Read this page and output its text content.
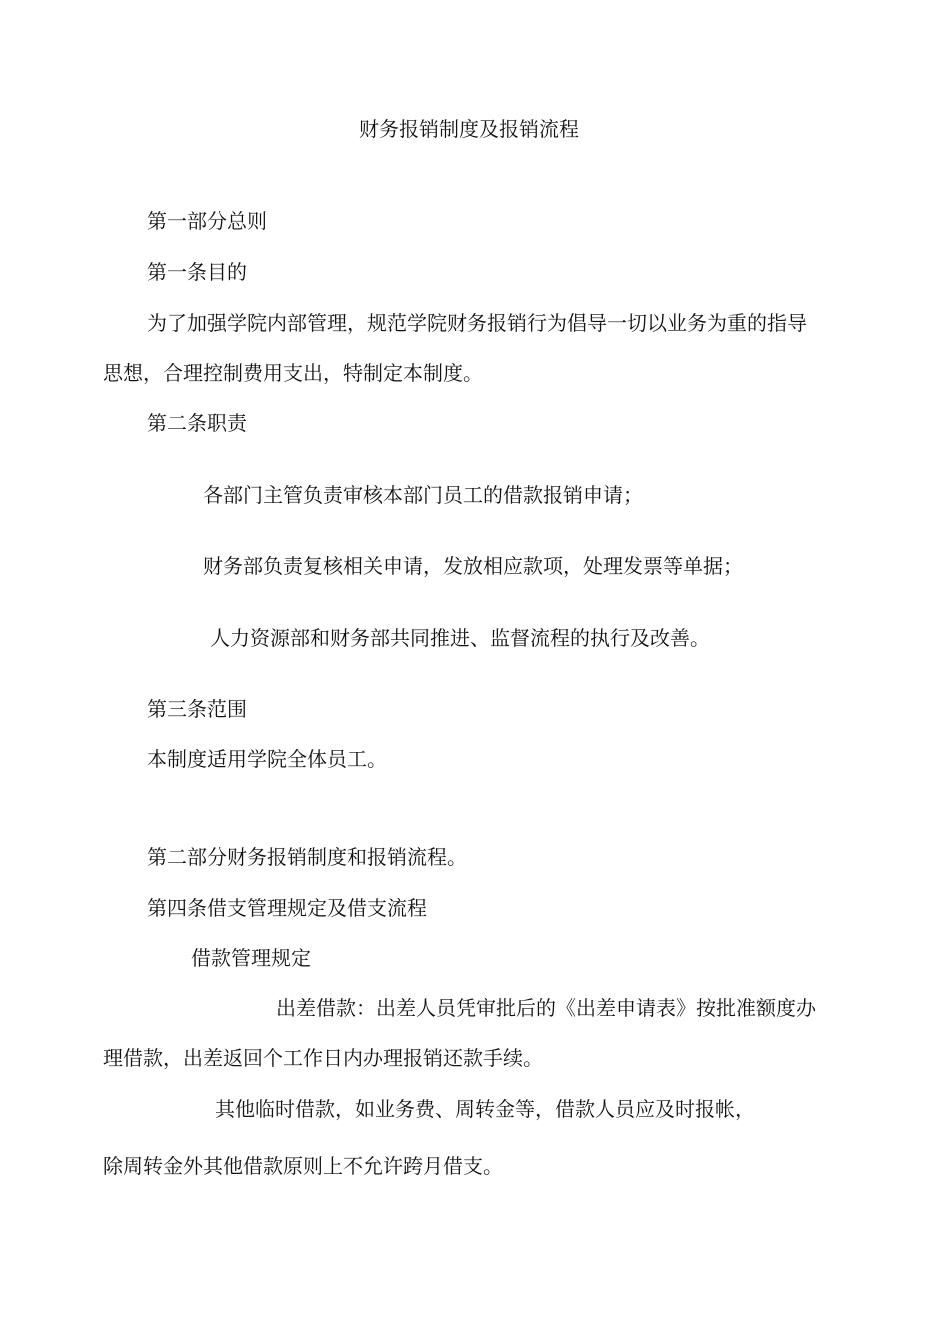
财务报销制度及报销流程
第一部分总则
第一条目的
为了加强学院内部管理，规范学院财务报销行为倡导一切以业务为重的指导
思想，合理控制费用支出，特制定本制度。
第二条职责
各部门主管负责审核本部门员工的借款报销申请；
财务部负责复核相关申请，发放相应款项，处理发票等单据；
人力资源部和财务部共同推进、监督流程的执行及改善。
第三条范围
本制度适用学院全体员工。
第二部分财务报销制度和报销流程。
第四条借支管理规定及借支流程
借款管理规定
出差借款：出差人员凭审批后的《出差申请表》按批准额度办
理借款，出差返回个工作日内办理报销还款手续。
其他临时借款，如业务费、周转金等，借款人员应及时报帐，
除周转金外其他借款原则上不允许跨月借支。
